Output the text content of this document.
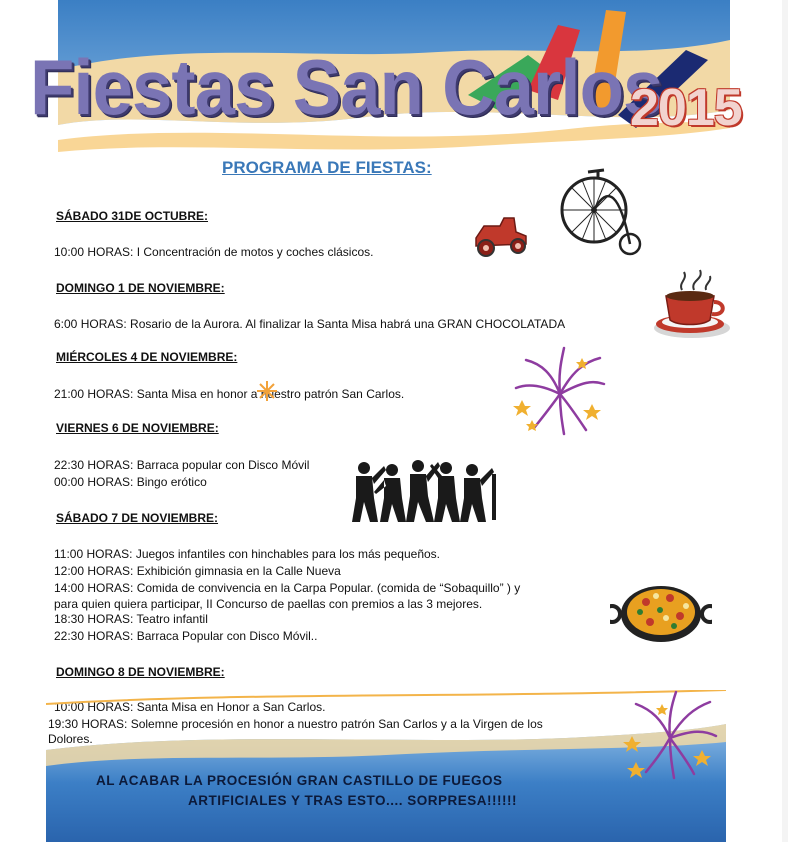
Fiestas San Carlos
2015
PROGRAMA DE FIESTAS:
SÁBADO 31DE OCTUBRE:
10:00 HORAS: I Concentración de motos y coches clásicos.
DOMINGO 1 DE NOVIEMBRE:
6:00 HORAS: Rosario de la Aurora. Al finalizar la Santa Misa habrá una GRAN CHOCOLATADA
MIÉRCOLES 4 DE NOVIEMBRE:
21:00 HORAS: Santa Misa en honor a nuestro patrón San Carlos.
VIERNES 6 DE NOVIEMBRE:
22:30 HORAS: Barraca popular con Disco Móvil
00:00 HORAS: Bingo erótico
SÁBADO 7 DE NOVIEMBRE:
11:00 HORAS: Juegos infantiles con hinchables para los más pequeños.
12:00 HORAS: Exhibición gimnasia en la Calle Nueva
14:00 HORAS: Comida de convivencia en la Carpa Popular. (comida de “Sobaquillo” ) y
para quien quiera participar, II Concurso de paellas con premios a las 3 mejores.
18:30 HORAS: Teatro infantil
22:30 HORAS: Barraca Popular con Disco Móvil..
DOMINGO 8 DE NOVIEMBRE:
10:00 HORAS: Santa Misa en Honor a San Carlos.
19:30 HORAS: Solemne procesión en honor a nuestro patrón San Carlos y a la Virgen de los
Dolores.
AL ACABAR LA PROCESIÓN GRAN CASTILLO DE FUEGOS
ARTIFICIALES Y TRAS ESTO.... SORPRESA!!!!!!
